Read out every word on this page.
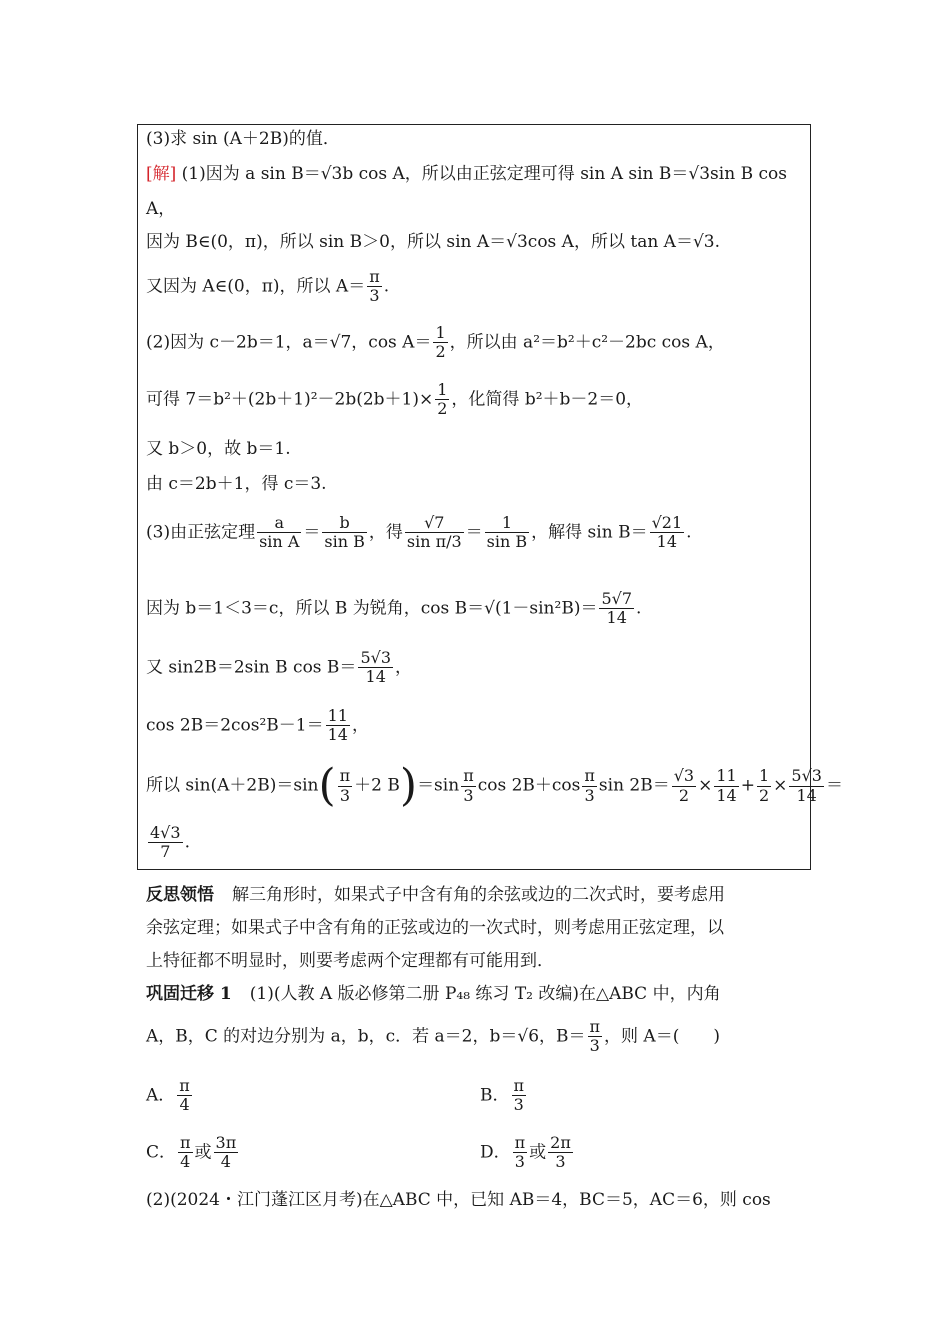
(3)求 sin (A＋2B)的值．
[解] (1)因为 a sin B＝√3b cos A，所以由正弦定理可得 sin A sin B＝√3sin B cos
A，
因为 B∈(0，π)，所以 sin B＞0，所以 sin A＝√3cos A，所以 tan A＝√3.
又因为 A∈(0，π)，所以 $A= \frac{\pi}{3}$ .
(2)因为 c－2b＝1，a＝√7，$\cos A= \frac{1}{2}$ ，所以由 a²＝b²＋c²－2bc cos A，
可得 $7=b^2+(2b+1)^2-2b(2b+1)\times \frac{1}{2}$ ，化简得 b²＋b－2＝0，
又 b＞0，故 b＝1.
由 c＝2b＋1，得 c＝3.
(3)由正弦定理 $\frac{a}{\text{sin A}} = \frac{b}{\text{sin B}}$ ，得 $\frac{√7}{\text{sin π/3}} = \frac{1}{\text{sin B}}$ ，解得 $\sin B= \frac{√21}{14}$ .
因为 b＝1＜3＝c，所以 B 为锐角，$\cos B=√(1-\sin^2B)= \frac{5√7}{14}$ .
又 sin2B＝2sin B $\cos B= \frac{5√3}{14}$ ，
$\cos 2B=2\cos^2B-1= \frac{11}{14}$ ，
所以 $\sin(A+2B)=\sin( \frac{\pi}{3} +2$ $B)=\sin \frac{\pi}{3}$ $\cos 2B+\cos \frac{\pi}{3}$ $\sin 2B= \frac{√3}{2} \times \frac{11}{14} + \frac{1}{2} \times \frac{5√3}{14}$ ＝
$\frac{4√3}{7}$ .
反思领悟 解三角形时，如果式子中含有角的余弦或边的二次式时，要考虑用
余弦定理；如果式子中含有角的正弦或边的一次式时，则考虑用正弦定理，以
上特征都不明显时，则要考虑两个定理都有可能用到．
巩固迁移 1 (1)(人教 A 版必修第二册 P₄₈ 练习 T₂ 改编)在△ABC 中，内角
A，B，C 的对边分别为 a，b，c．若 a＝2，b＝√6，$B= \frac{\pi}{3}$ ，则 A＝(　　)
A． $\frac{\pi}{4}$	B． $\frac{\pi}{3}$
C． $\frac{\pi}{4}$ 或 $\frac{3\pi}{4}$	D． $\frac{\pi}{3}$ 或 $\frac{2\pi}{3}$
(2)(2024・江门蓬江区月考)在△ABC 中，已知 AB＝4，BC＝5，AC＝6，则 cos
